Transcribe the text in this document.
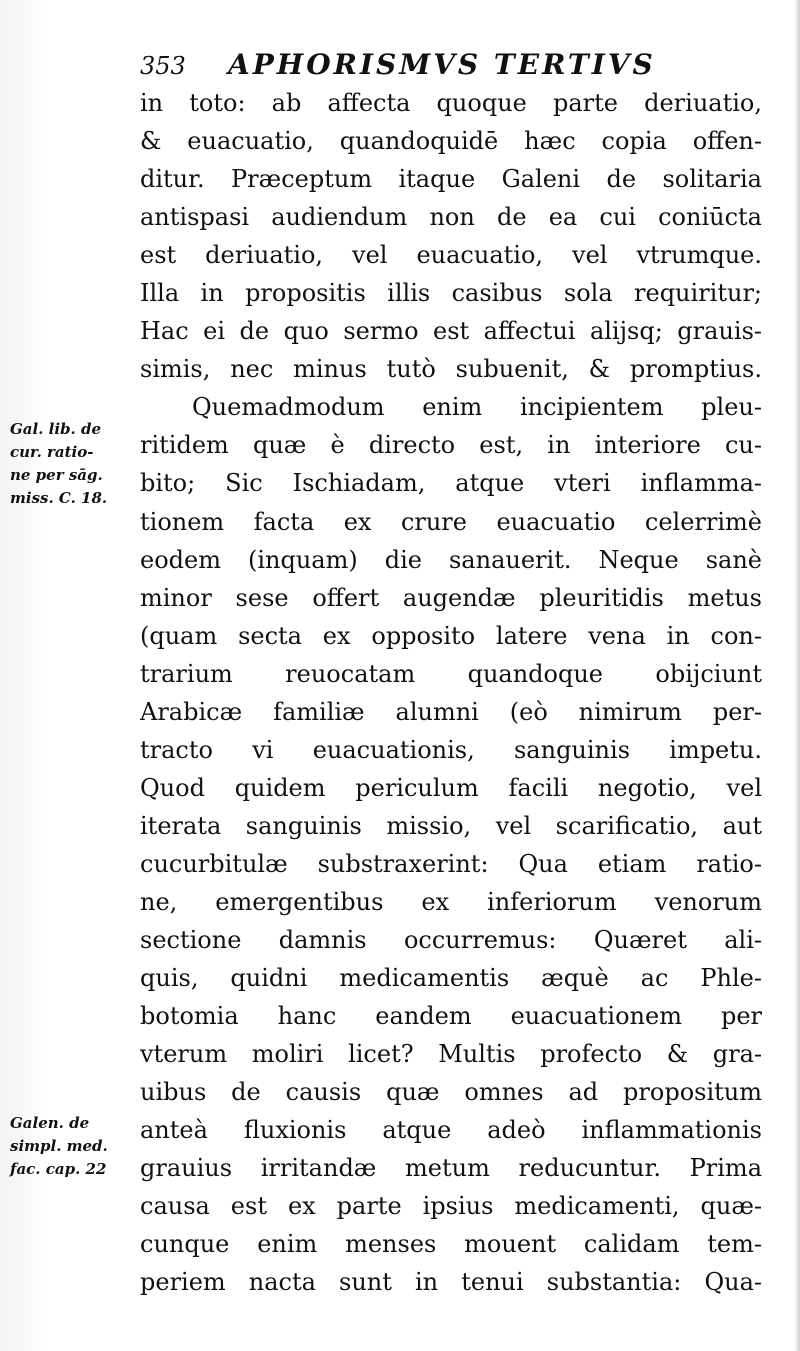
353 APHORISMVS TERTIVS
Gal. lib. de
cur. ratio-
ne per sāg.
miss. C. 18.
Galen. de
simpl. med.
fac. cap. 22
in toto: ab affecta quoque parte deriuatio,
& euacuatio, quandoquidē hæc copia offen-
ditur. Præceptum itaque Galeni de solitaria
antispasi audiendum non de ea cui coniūcta
est deriuatio, vel euacuatio, vel vtrumque.
Illa in propositis illis casibus sola requiritur;
Hac ei de quo sermo est affectui alijsq; grauis-
simis, nec minus tutò subuenit, & promptius.
Quemadmodum enim incipientem pleu-
ritidem quæ è directo est, in interiore cu-
bito; Sic Ischiadam, atque vteri inflamma-
tionem facta ex crure euacuatio celerrimè
eodem (inquam) die sanauerit. Neque sanè
minor sese offert augendæ pleuritidis metus
(quam secta ex opposito latere vena in con-
trarium reuocatam quandoque obijciunt
Arabicæ familiæ alumni (eò nimirum per-
tracto vi euacuationis, sanguinis impetu.
Quod quidem periculum facili negotio, vel
iterata sanguinis missio, vel scarificatio, aut
cucurbitulæ substraxerint: Qua etiam ratio-
ne, emergentibus ex inferiorum venorum
sectione damnis occurremus: Quæret ali-
quis, quidni medicamentis æquè ac Phle-
botomia hanc eandem euacuationem per
vterum moliri licet? Multis profecto & gra-
uibus de causis quæ omnes ad propositum
anteà fluxionis atque adeò inflammationis
grauius irritandæ metum reducuntur. Prima
causa est ex parte ipsius medicamenti, quæ-
cunque enim menses mouent calidam tem-
periem nacta sunt in tenui substantia: Qua-
